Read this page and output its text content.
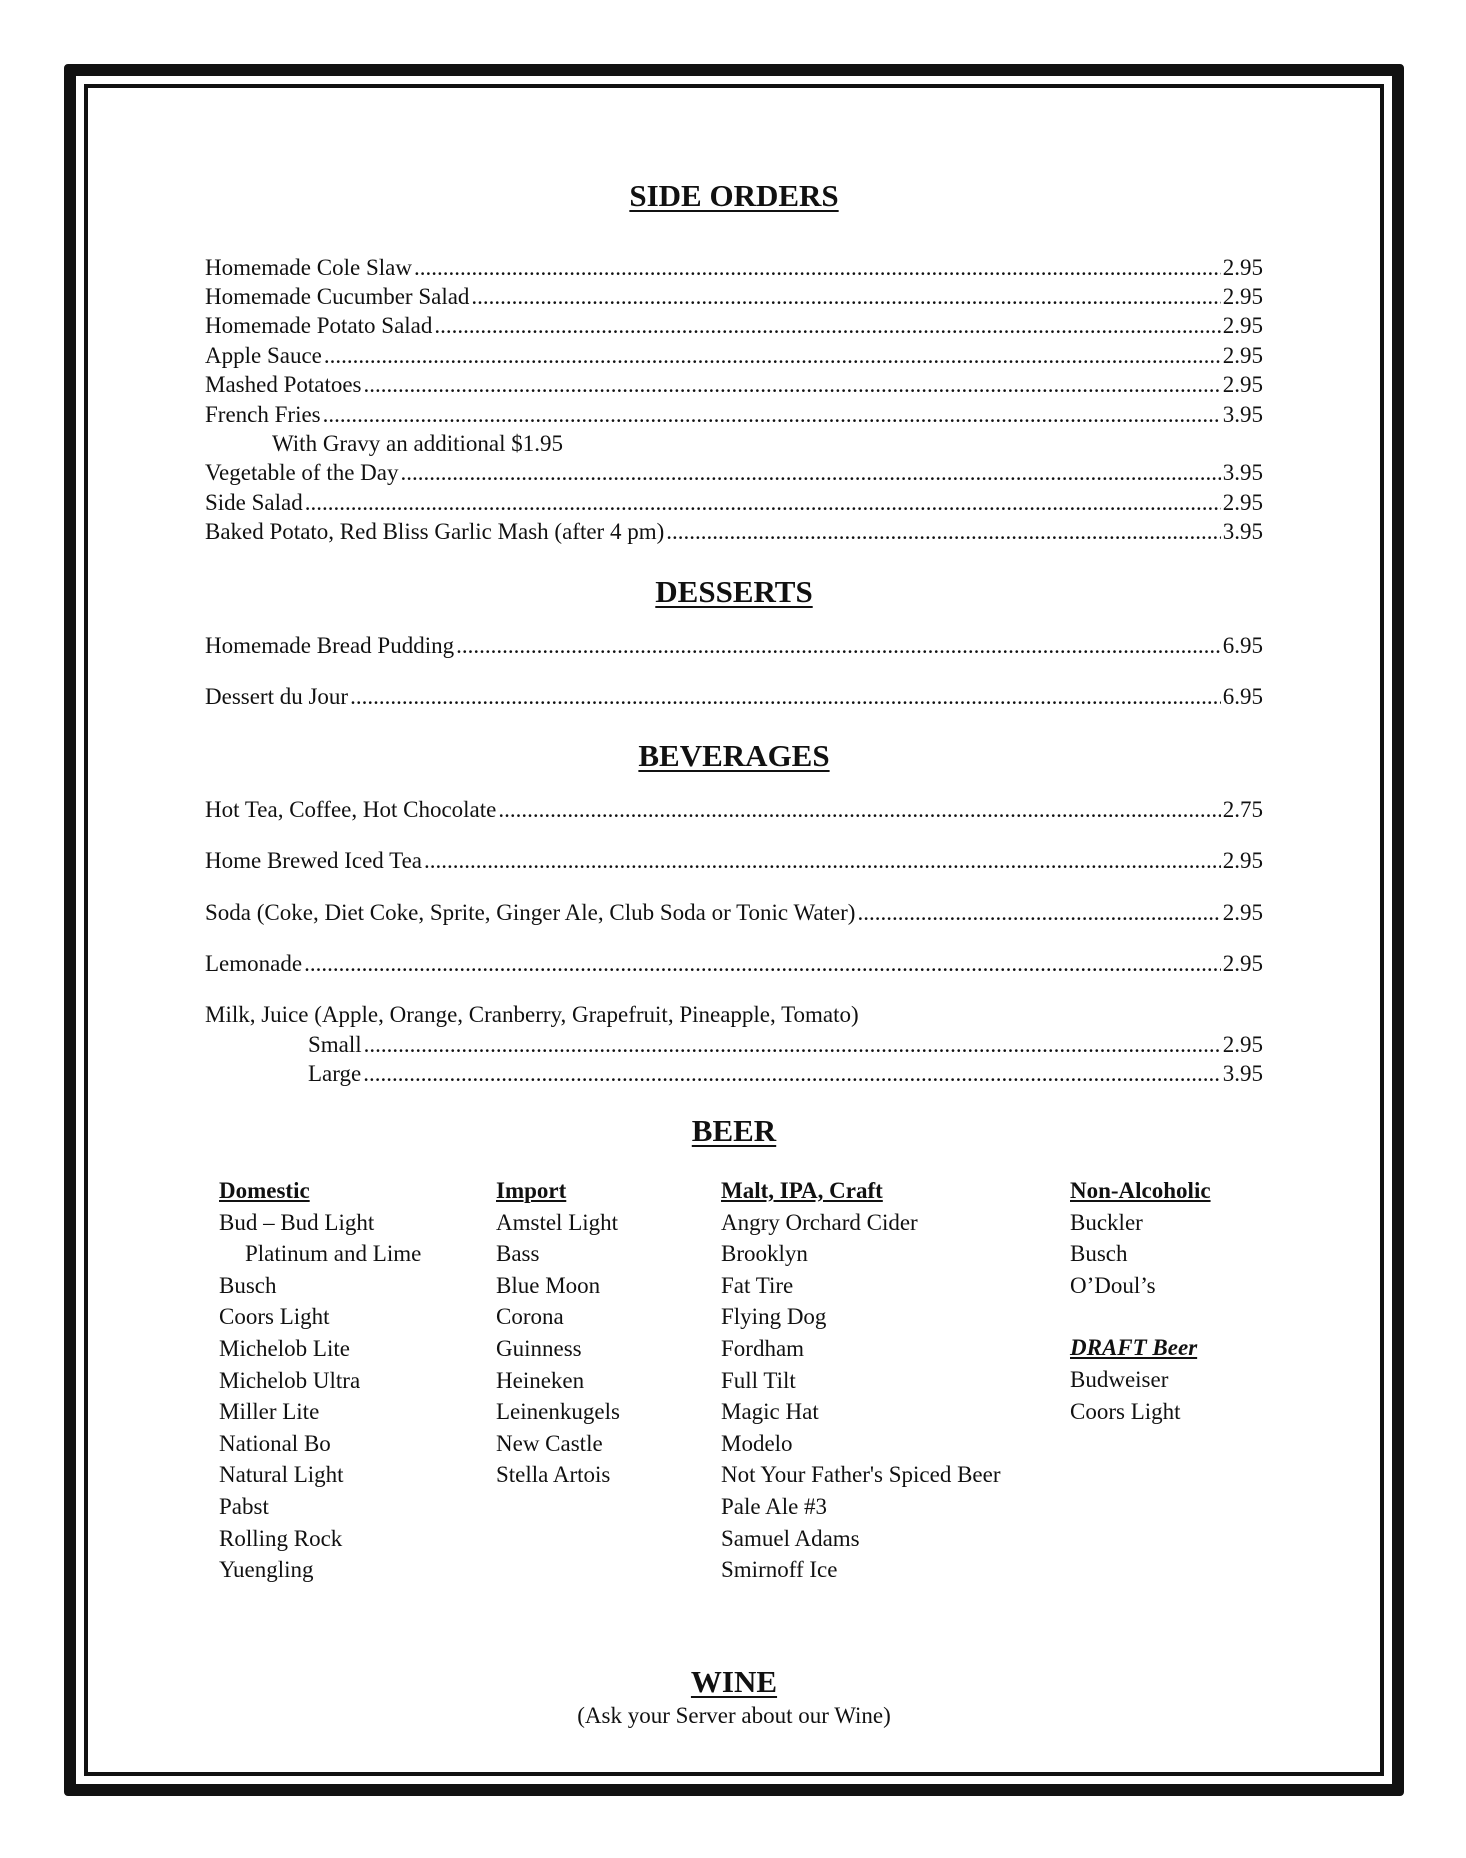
SIDE ORDERS
Homemade Cole Slaw .....	2.95
Homemade Cucumber Salad .....	2.95
Homemade Potato Salad .....	2.95
Apple Sauce .....	2.95
Mashed Potatoes .....	2.95
French Fries .....	3.95
With Gravy an additional $1.95
Vegetable of the Day .....	3.95
Side Salad .....	2.95
Baked Potato, Red Bliss Garlic Mash (after 4 pm) .....	3.95
DESSERTS
Homemade Bread Pudding .....	6.95
Dessert du Jour .....	6.95
BEVERAGES
Hot Tea, Coffee, Hot Chocolate .....	2.75
Home Brewed Iced Tea .....	2.95
Soda (Coke, Diet Coke, Sprite, Ginger Ale, Club Soda or Tonic Water) .....	2.95
Lemonade .....	2.95
Milk, Juice (Apple, Orange, Cranberry, Grapefruit, Pineapple, Tomato)
Small .....	2.95
Large .....	3.95
BEER
Domestic
Bud – Bud Light
Platinum and Lime
Busch
Coors Light
Michelob Lite
Michelob Ultra
Miller Lite
National Bo
Natural Light
Pabst
Rolling Rock
Yuengling
Import
Amstel Light
Bass
Blue Moon
Corona
Guinness
Heineken
Leinenkugels
New Castle
Stella Artois
Malt, IPA, Craft
Angry Orchard Cider
Brooklyn
Fat Tire
Flying Dog
Fordham
Full Tilt
Magic Hat
Modelo
Not Your Father's Spiced Beer
Pale Ale #3
Samuel Adams
Smirnoff Ice
Non-Alcoholic
Buckler
Busch
O’Doul’s
DRAFT Beer
Budweiser
Coors Light
WINE
(Ask your Server about our Wine)
